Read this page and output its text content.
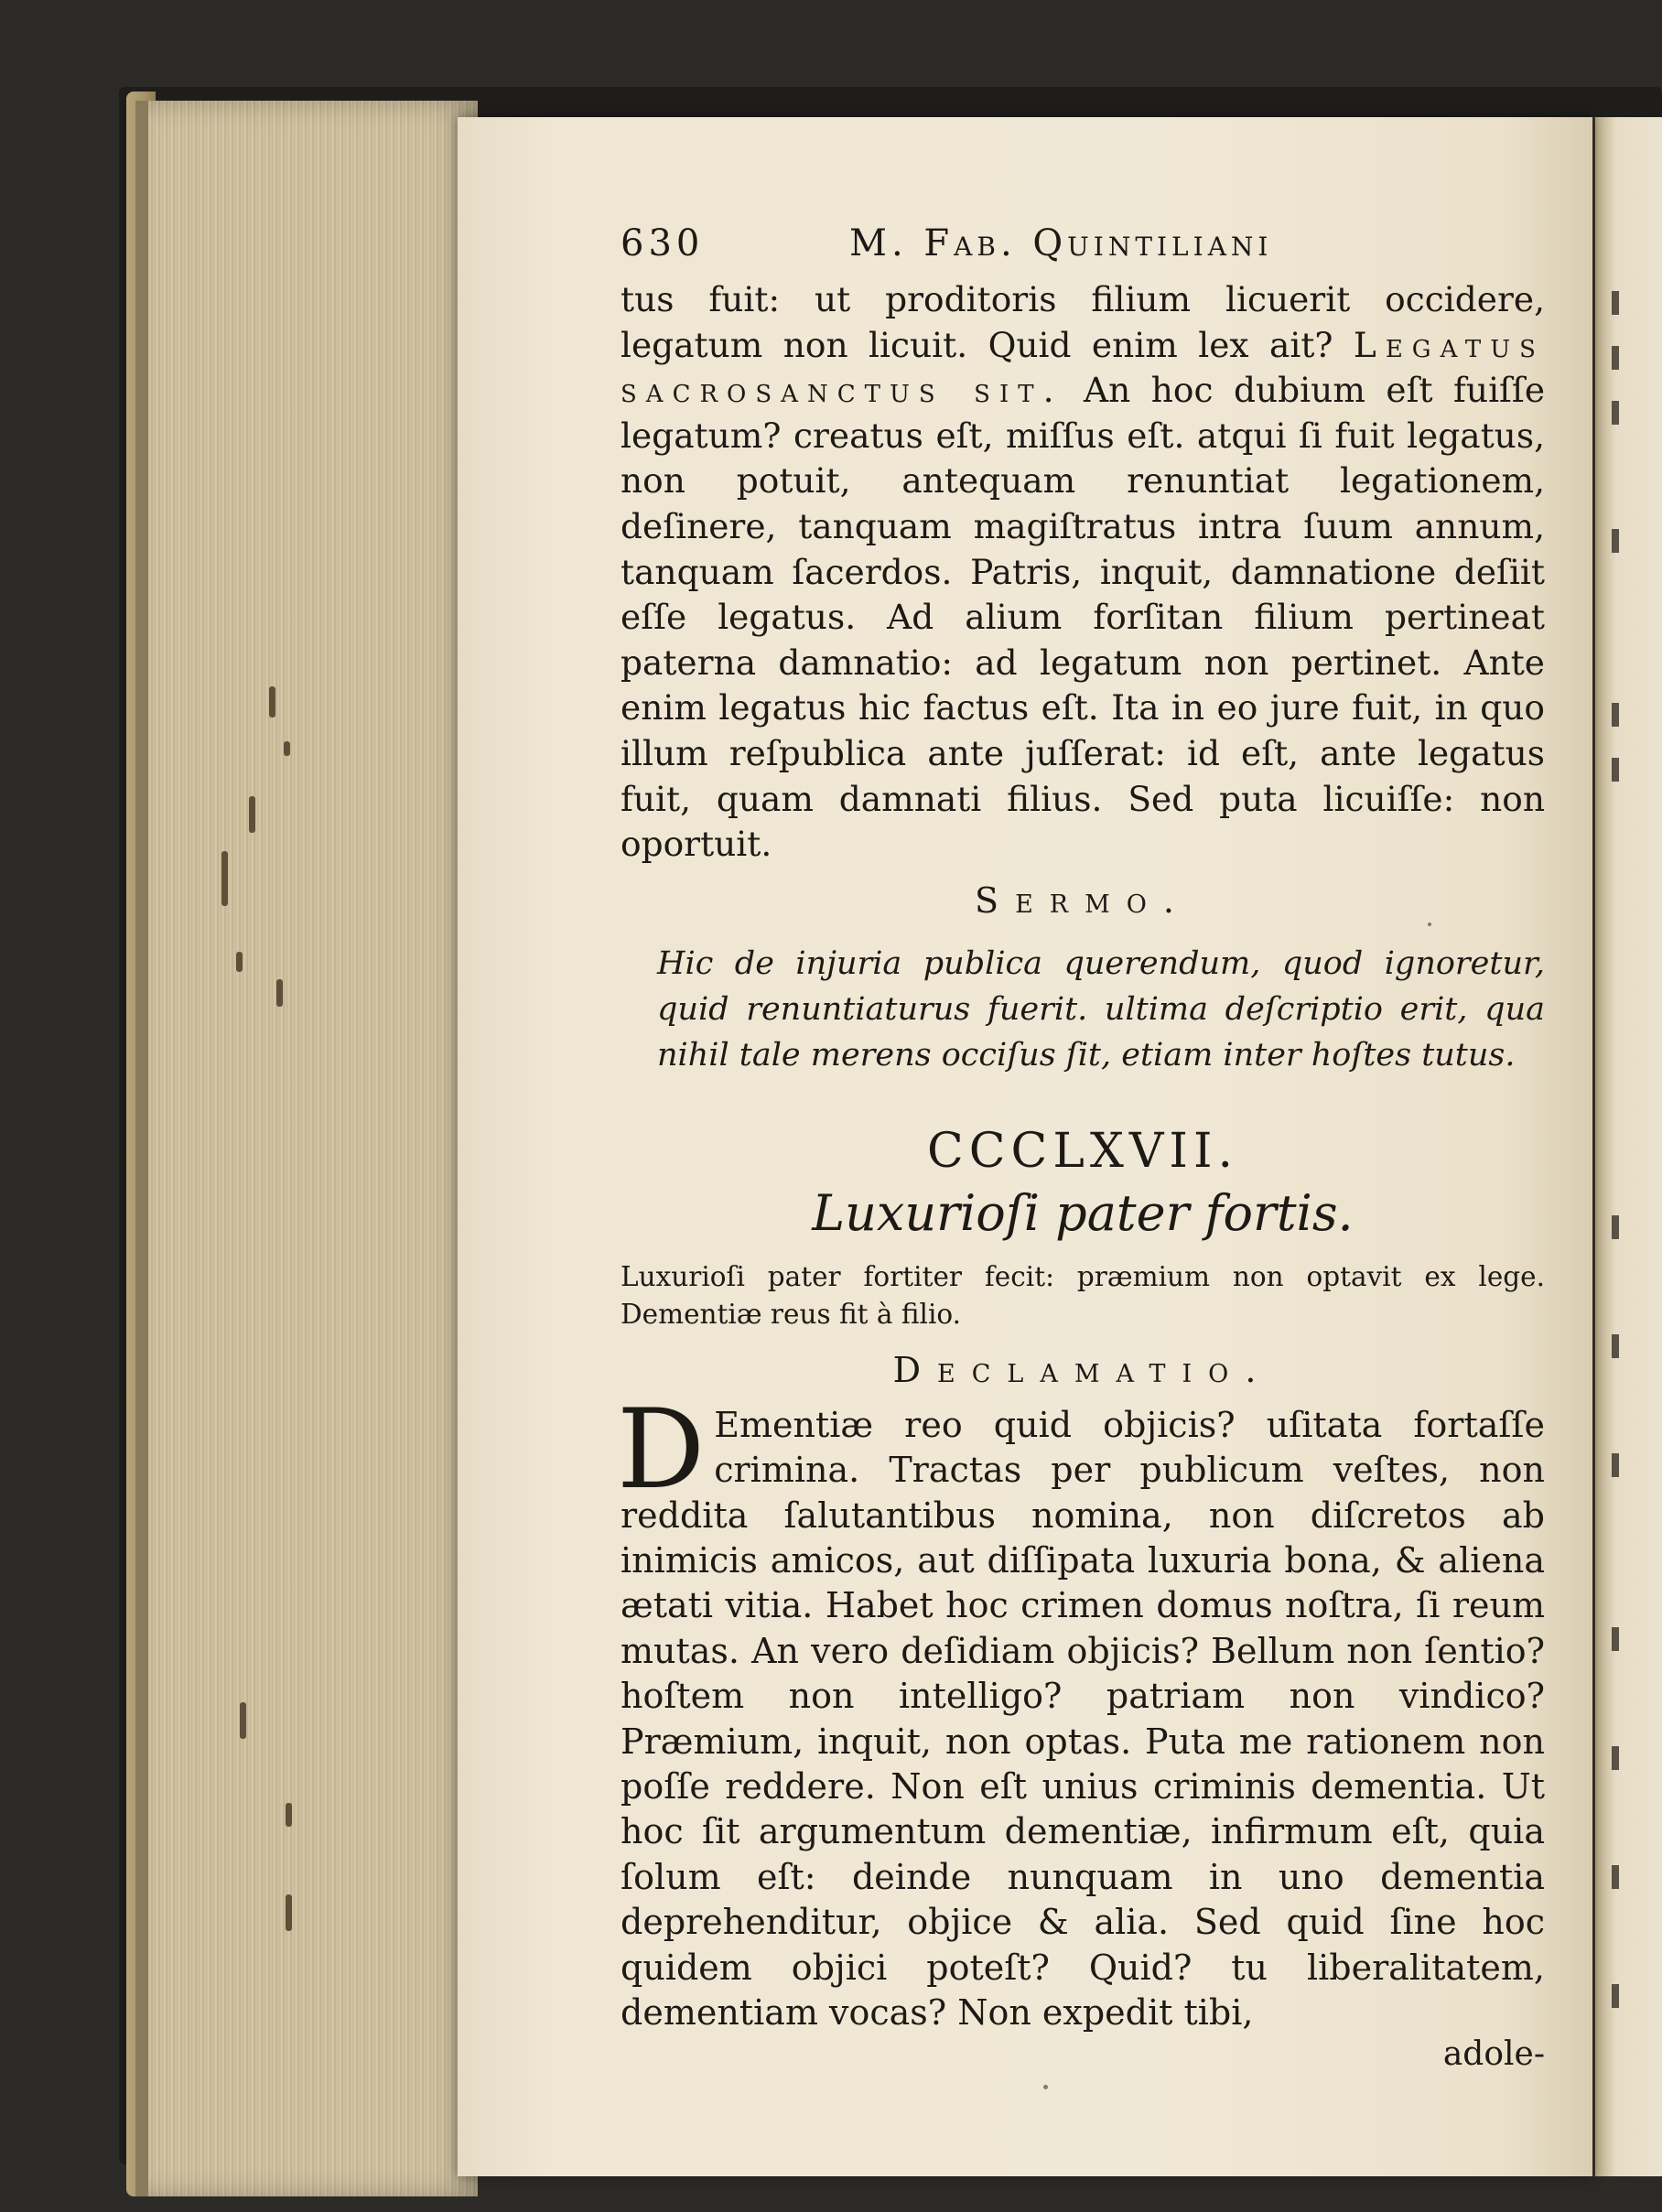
630	M. Fab. Quintiliani

tus fuit: ut proditoris filium licuerit occidere, legatum non licuit. Quid enim lex ait? Legatus sacrosanctus sit. An hoc dubium eſt fuiſſe legatum? creatus eſt, miſſus eſt. atqui ſi fuit legatus, non potuit, antequam renuntiat legationem, deſinere, tanquam magiſtratus intra ſuum annum, tanquam ſacerdos. Patris, inquit, damnatione deſiit eſſe legatus. Ad alium forſitan filium pertineat paterna damnatio: ad legatum non pertinet. Ante enim legatus hic factus eſt. Ita in eo jure fuit, in quo illum reſpublica ante juſſerat: id eſt, ante legatus fuit, quam damnati filius. Sed puta licuiſſe: non oportuit.

Sermo.

Hic de injuria publica querendum, quod ignoretur, quid renuntiaturus fuerit. ultima deſcriptio erit, qua nihil tale merens occiſus ſit, etiam inter hoſtes tutus.

CCCLXVII.
Luxurioſi pater fortis.

Luxurioſi pater fortiter fecit: præmium non optavit ex lege. Dementiæ reus fit à filio.

Declamatio.

D Ementiæ reo quid objicis? uſitata fortaſſe crimina. Tractas per publicum veſtes, non reddita ſalutantibus nomina, non diſcretos ab inimicis amicos, aut diſſipata luxuria bona, & aliena ætati vitia. Habet hoc crimen domus noſtra, ſi reum mutas. An vero deſidiam objicis? Bellum non ſentio? hoſtem non intelligo? patriam non vindico? Præmium, inquit, non optas. Puta me rationem non poſſe reddere. Non eſt unius criminis dementia. Ut hoc ſit argumentum dementiæ, infirmum eſt, quia ſolum eſt: deinde nunquam in uno dementia deprehenditur, objice & alia. Sed quid ſine hoc quidem objici poteſt? Quid? tu liberalitatem, dementiam vocas? Non expedit tibi,

adole-
